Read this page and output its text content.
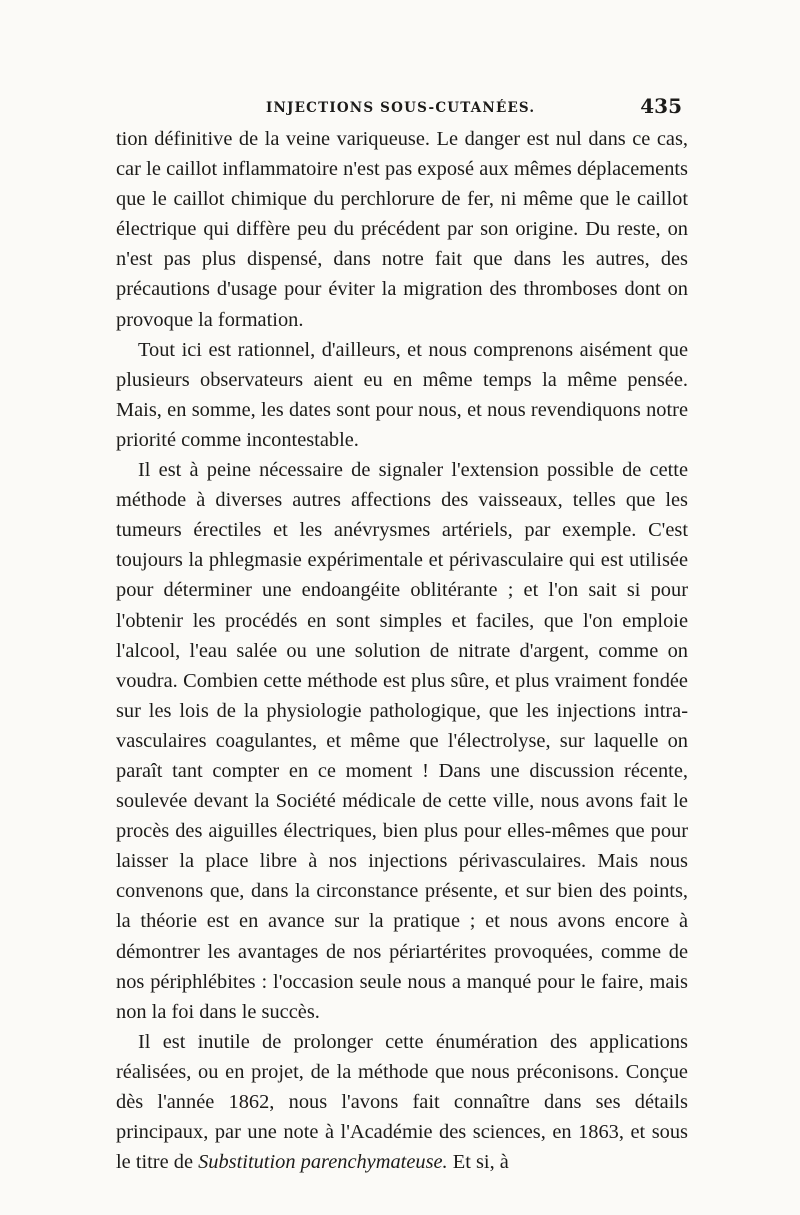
INJECTIONS SOUS-CUTANÉES.	435

tion définitive de la veine variqueuse. Le danger est nul dans ce cas, car le caillot inflammatoire n'est pas exposé aux mêmes déplacements que le caillot chimique du perchlorure de fer, ni même que le caillot électrique qui diffère peu du précédent par son origine. Du reste, on n'est pas plus dispensé, dans notre fait que dans les autres, des précautions d'usage pour éviter la migration des thromboses dont on provoque la formation.

Tout ici est rationnel, d'ailleurs, et nous comprenons aisément que plusieurs observateurs aient eu en même temps la même pensée. Mais, en somme, les dates sont pour nous, et nous revendiquons notre priorité comme incontestable.

Il est à peine nécessaire de signaler l'extension possible de cette méthode à diverses autres affections des vaisseaux, telles que les tumeurs érectiles et les anévrysmes artériels, par exemple. C'est toujours la phlegmasie expérimentale et périvasculaire qui est utilisée pour déterminer une endoangéite oblitérante ; et l'on sait si pour l'obtenir les procédés en sont simples et faciles, que l'on emploie l'alcool, l'eau salée ou une solution de nitrate d'argent, comme on voudra. Combien cette méthode est plus sûre, et plus vraiment fondée sur les lois de la physiologie pathologique, que les injections intra-vasculaires coagulantes, et même que l'électrolyse, sur laquelle on paraît tant compter en ce moment ! Dans une discussion récente, soulevée devant la Société médicale de cette ville, nous avons fait le procès des aiguilles électriques, bien plus pour elles-mêmes que pour laisser la place libre à nos injections périvasculaires. Mais nous convenons que, dans la circonstance présente, et sur bien des points, la théorie est en avance sur la pratique ; et nous avons encore à démontrer les avantages de nos périartérites provoquées, comme de nos périphlébites : l'occasion seule nous a manqué pour le faire, mais non la foi dans le succès.

Il est inutile de prolonger cette énumération des applications réalisées, ou en projet, de la méthode que nous préconisons. Conçue dès l'année 1862, nous l'avons fait connaître dans ses détails principaux, par une note à l'Académie des sciences, en 1863, et sous le titre de Substitution parenchymateuse. Et si, à
